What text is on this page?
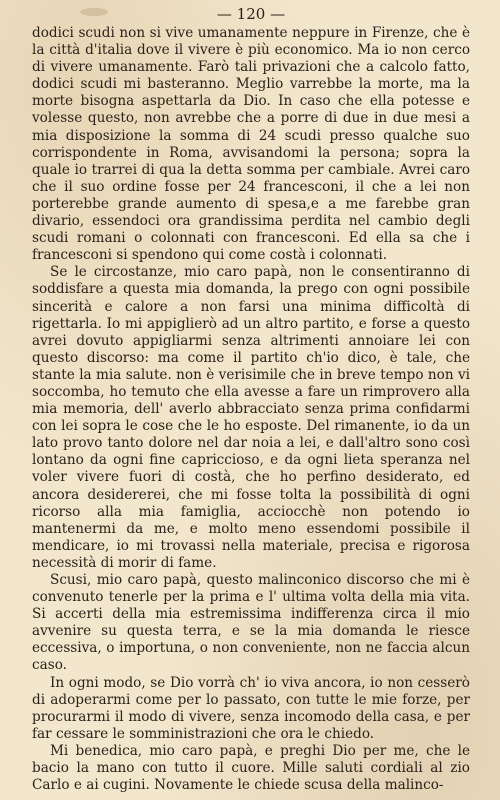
— 120 —

dodici scudi non si vive umanamente neppure in Firenze, che è la città d'italia dove il vivere è più economico. Ma io non cerco di vivere umanamente. Farò tali privazioni che a calcolo fatto, dodici scudi mi basteranno. Meglio varrebbe la morte, ma la morte bisogna aspettarla da Dio. In caso che ella potesse e volesse questo, non avrebbe che a porre di due in due mesi a mia disposizione la somma di 24 scudi presso qualche suo corrispondente in Roma, avvisandomi la persona; sopra la quale io trarrei di qua la detta somma per cambiale. Avrei caro che il suo ordine fosse per 24 francesconi, il che a lei non porterebbe grande aumento di spesa,e a me farebbe gran divario, essendoci ora grandissima perdita nel cambio degli scudi romani o colonnati con francesconi. Ed ella sa che i francesconi si spendono qui come costà i colonnati.

Se le circostanze, mio caro papà, non le consentiranno di soddisfare a questa mia domanda, la prego con ogni possibile sincerità e calore a non farsi una minima difficoltà di rigettarla. Io mi appiglierò ad un altro partito, e forse a questo avrei dovuto appigliarmi senza altrimenti annoiare lei con questo discorso: ma come il partito ch'io dico, è tale, che stante la mia salute. non è verisimile che in breve tempo non vi soccomba, ho temuto che ella avesse a fare un rimprovero alla mia memoria, dell' averlo abbracciato senza prima confidarmi con lei sopra le cose che le ho esposte. Del rimanente, io da un lato provo tanto dolore nel dar noia a lei, e dall'altro sono così lontano da ogni fine capriccioso, e da ogni lieta speranza nel voler vivere fuori di costà, che ho perfino desiderato, ed ancora desidererei, che mi fosse tolta la possibilità di ogni ricorso alla mia famiglia, acciocchè non potendo io mantenermi da me, e molto meno essendomi possibile il mendicare, io mi trovassi nella materiale, precisa e rigorosa necessità di morir di fame.

Scusi, mio caro papà, questo malinconico discorso che mi è convenuto tenerle per la prima e l' ultima volta della mia vita. Si accerti della mia estremissima indifferenza circa il mio avvenire su questa terra, e se la mia domanda le riesce eccessiva, o importuna, o non conveniente, non ne faccia alcun caso.

In ogni modo, se Dio vorrà ch' io viva ancora, io non cesserò di adoperarmi come per lo passato, con tutte le mie forze, per procurarmi il modo di vivere, senza incomodo della casa, e per far cessare le somministrazioni che ora le chiedo.

Mi benedica, mio caro papà, e preghi Dio per me, che le bacio la mano con tutto il cuore. Mille saluti cordiali al zio Carlo e ai cugini. Novamente le chiede scusa della malinco-
